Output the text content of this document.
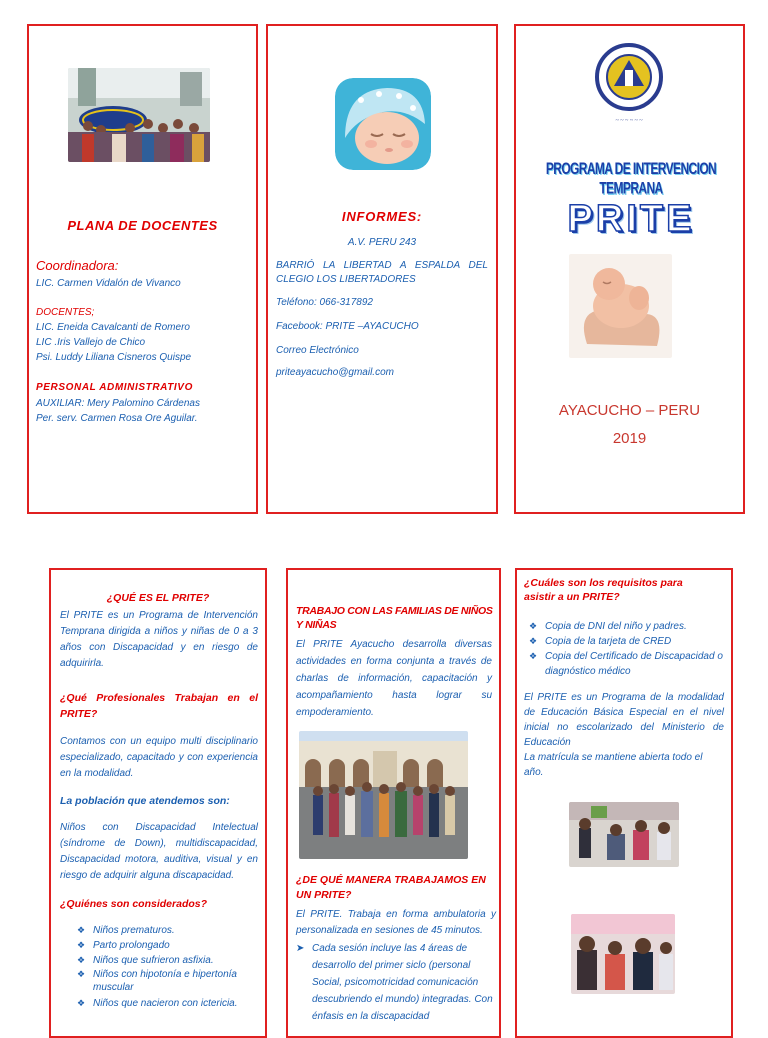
PLANA DE DOCENTES
Coordinadora:
LIC. Carmen Vidalón de Vivanco
DOCENTES;
LIC. Eneida Cavalcanti de Romero
LIC .Iris Vallejo de Chico
Psi. Luddy Liliana Cisneros Quispe
PERSONAL ADMINISTRATIVO
AUXILIAR: Mery Palomino Cárdenas
Per. serv. Carmen Rosa Ore Aguilar.
INFORMES:
A.V. PERU 243
BARRIÓ LA LIBERTAD A ESPALDA DEL CLEGIO LOS LIBERTADORES
Teléfono: 066-317892
Facebook: PRITE –AYACUCHO
Correo Electrónico
priteayacucho@gmail.com
~ ~ ~ ~ ~ ~
PROGRAMA DE INTERVENCION TEMPRANA
PRITE
AYACUCHO – PERU
2019
¿QUÉ ES EL PRITE?
El PRITE es un Programa de Intervención Temprana dirigida a niños y niñas de 0 a 3 años con Discapacidad y en riesgo de adquirirla.
¿Qué Profesionales Trabajan en el PRITE?
Contamos con un equipo multi disciplinario especializado, capacitado y con experiencia en la modalidad.
La población que atendemos son:
Niños con Discapacidad Intelectual (síndrome de Down), multidiscapacidad, Discapacidad motora, auditiva, visual y en riesgo de adquirir alguna discapacidad.
¿Quiénes son considerados?
❖ Niños prematuros.
❖ Parto prolongado
❖ Niños que sufrieron asfixia.
❖ Niños con hipotonía e hipertonía muscular
❖ Niños que nacieron con ictericia.
TRABAJO CON LAS FAMILIAS DE NIÑOS Y NIÑAS
El PRITE Ayacucho desarrolla diversas actividades en forma conjunta a través de charlas de información, capacitación y acompañamiento hasta lograr su empoderamiento.
¿DE QUÉ MANERA TRABAJAMOS EN UN PRITE?
El PRITE. Trabaja en forma ambulatoria y personalizada en sesiones de 45 minutos.
➤ Cada sesión incluye las 4 áreas de desarrollo del primer siclo (personal Social, psicomotricidad comunicación descubriendo el mundo) integradas. Con énfasis en la discapacidad
¿Cuáles son los requisitos para asistir a un PRITE?
❖ Copia de DNI del niño y padres.
❖ Copia de la tarjeta de CRED
❖ Copia del Certificado de Discapacidad o diagnóstico médico
El PRITE es un Programa de la modalidad de Educación Básica Especial en el nivel inicial no escolarizado del Ministerio de Educación
La matrícula se mantiene abierta todo el año.
